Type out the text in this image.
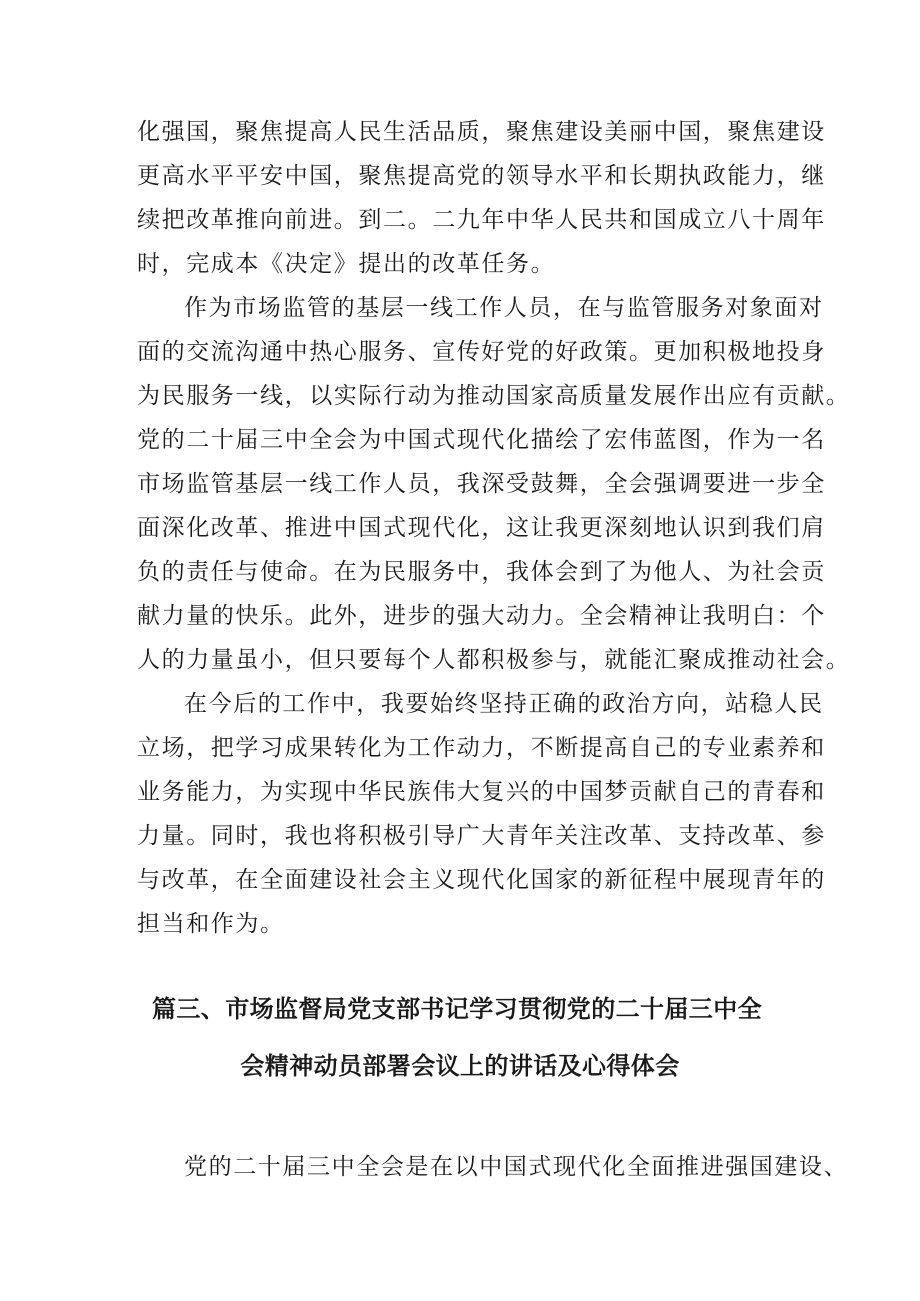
化强国，聚焦提高人民生活品质，聚焦建设美丽中国，聚焦建设
更高水平平安中国，聚焦提高党的领导水平和长期执政能力，继
续把改革推向前进。到二。二九年中华人民共和国成立八十周年
时，完成本《决定》提出的改革任务。
作为市场监管的基层一线工作人员，在与监管服务对象面对
面的交流沟通中热心服务、宣传好党的好政策。更加积极地投身
为民服务一线，以实际行动为推动国家高质量发展作出应有贡献。
党的二十届三中全会为中国式现代化描绘了宏伟蓝图，作为一名
市场监管基层一线工作人员，我深受鼓舞，全会强调要进一步全
面深化改革、推进中国式现代化，这让我更深刻地认识到我们肩
负的责任与使命。在为民服务中，我体会到了为他人、为社会贡
献力量的快乐。此外，进步的强大动力。全会精神让我明白：个
人的力量虽小，但只要每个人都积极参与，就能汇聚成推动社会。
在今后的工作中，我要始终坚持正确的政治方向，站稳人民
立场，把学习成果转化为工作动力，不断提高自己的专业素养和
业务能力，为实现中华民族伟大复兴的中国梦贡献自己的青春和
力量。同时，我也将积极引导广大青年关注改革、支持改革、参
与改革，在全面建设社会主义现代化国家的新征程中展现青年的
担当和作为。
篇三、市场监督局党支部书记学习贯彻党的二十届三中全
会精神动员部署会议上的讲话及心得体会
党的二十届三中全会是在以中国式现代化全面推进强国建设、
